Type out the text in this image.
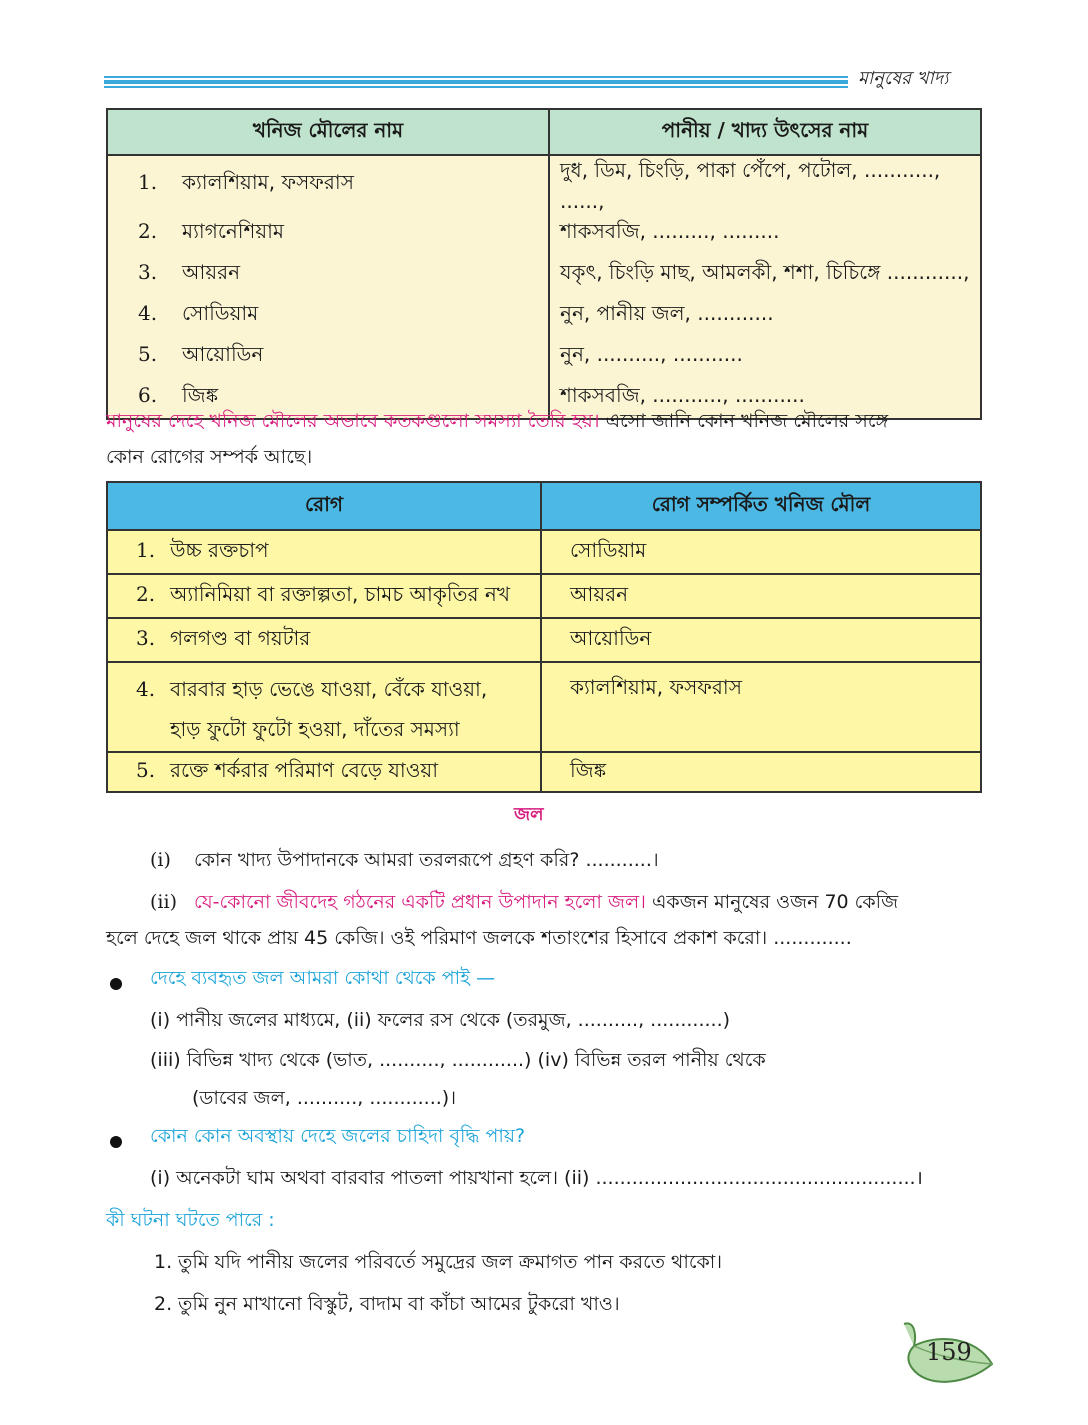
মানুষের খাদ্য
খনিজ মৌলের নাম	পানীয় / খাদ্য উৎসের নাম
1. ক্যালশিয়াম, ফসফরাস	দুধ, ডিম, চিংড়ি, পাকা পেঁপে, পটোল, ..........., ......,
2. ম্যাগনেশিয়াম	শাকসবজি, ........., .........
3. আয়রন	যকৃৎ, চিংড়ি মাছ, আমলকী, শশা, চিচিঙ্গে ............,
4. সোডিয়াম	নুন, পানীয় জল, ............
5. আয়োডিন	নুন, .........., ...........
6. জিঙ্ক	শাকসবজি, ..........., ...........
মানুষের দেহে খনিজ মৌলের অভাবে কতকগুলো সমস্যা তৈরি হয়। এসো জানি কোন খনিজ মৌলের সঙ্গে
কোন রোগের সম্পর্ক আছে।
রোগ	রোগ সম্পর্কিত খনিজ মৌল
1. উচ্চ রক্তচাপ	সোডিয়াম
2. অ্যানিমিয়া বা রক্তাল্পতা, চামচ আকৃতির নখ	আয়রন
3. গলগণ্ড বা গয়টার	আয়োডিন
4. বারবার হাড় ভেঙে যাওয়া, বেঁকে যাওয়া,
হাড় ফুটো ফুটো হওয়া, দাঁতের সমস্যা	ক্যালশিয়াম, ফসফরাস
5. রক্তে শর্করার পরিমাণ বেড়ে যাওয়া	জিঙ্ক
জল
(i) কোন খাদ্য উপাদানকে আমরা তরলরূপে গ্রহণ করি? ...........।
(ii) যে-কোনো জীবদেহ গঠনের একটি প্রধান উপাদান হলো জল। একজন মানুষের ওজন 70 কেজি
হলে দেহে জল থাকে প্রায় 45 কেজি। ওই পরিমাণ জলকে শতাংশের হিসাবে প্রকাশ করো। .............
দেহে ব্যবহৃত জল আমরা কোথা থেকে পাই —
(i) পানীয় জলের মাধ্যমে, (ii) ফলের রস থেকে (তরমুজ, .........., ............)
(iii) বিভিন্ন খাদ্য থেকে (ভাত, .........., ............) (iv) বিভিন্ন তরল পানীয় থেকে
(ডাবের জল, .........., ............)।
কোন কোন অবস্থায় দেহে জলের চাহিদা বৃদ্ধি পায়?
(i) অনেকটা ঘাম অথবা বারবার পাতলা পায়খানা হলে। (ii) .....................................................।
কী ঘটনা ঘটতে পারে :
1. তুমি যদি পানীয় জলের পরিবর্তে সমুদ্রের জল ক্রমাগত পান করতে থাকো।
2. তুমি নুন মাখানো বিস্কুট, বাদাম বা কাঁচা আমের টুকরো খাও।
159
